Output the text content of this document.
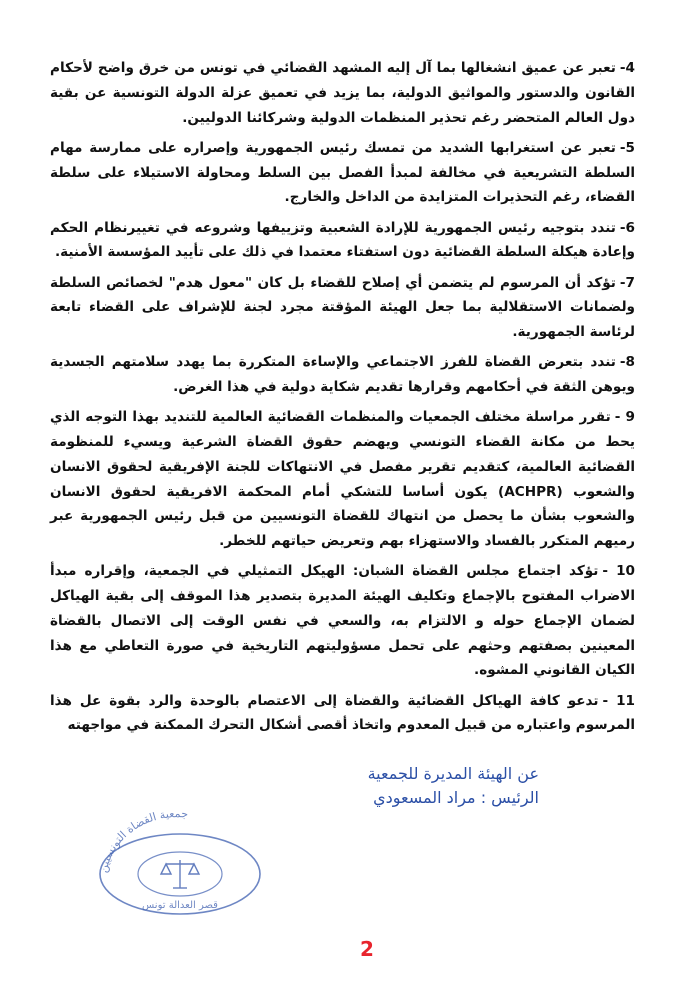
4-تعبر عن عميق انشغالها بما آل إليه المشهد القضائي في تونس من خرق واضح لأحكام القانون والدستور والمواثيق الدولية، بما يزيد في تعميق عزلة الدولة التونسية عن بقية دول العالم المتحضر رغم تحذير المنظمات الدولية وشركائنا الدوليين.

5-تعبر عن استغرابها الشديد من تمسك رئيس الجمهورية وإصراره على ممارسة مهام السلطة التشريعية في مخالفة لمبدأ الفصل بين السلط ومحاولة الاستيلاء على سلطة القضاء، رغم التحذيرات المتزايدة من الداخل والخارج.

6-تندد بتوجيه رئيس الجمهورية للإرادة الشعبية وتزييفها وشروعه في تغييرنظام الحكم وإعادة هيكلة السلطة القضائية دون استفتاء معتمدا في ذلك على تأييد المؤسسة الأمنية.

7-تؤكد أن المرسوم لم يتضمن أي إصلاح للقضاء بل كان "معول هدم" لخصائص السلطة ولضمانات الاستقلالية بما جعل الهيئة المؤقتة مجرد لجنة للإشراف على القضاء تابعة لرئاسة الجمهورية.

8-تندد بتعرض القضاة للفرز الاجتماعي والإساءة المتكررة بما يهدد سلامتهم الجسدية ويوهن الثقة في أحكامهم وقرارها تقديم شكاية دولية في هذا الغرض.

9 -تقرر مراسلة مختلف الجمعيات والمنظمات القضائية العالمية للتنديد بهذا التوجه الذي يحط من مكانة القضاء التونسي ويهضم حقوق القضاة الشرعية ويسيء للمنظومة القضائية العالمية، كتقديم تقرير مفصل في الانتهاكات للجنة الإفريقية لحقوق الانسان والشعوب (ACHPR) يكون أساسا للتشكي أمام المحكمة الافريقية لحقوق الانسان والشعوب بشأن ما يحصل من انتهاك للقضاة التونسيين من قبل رئيس الجمهورية عبر رميهم المتكرر بالفساد والاستهزاء بهم وتعريض حياتهم للخطر.

10 -تؤكد اجتماع مجلس القضاة الشبان: الهيكل التمثيلي في الجمعية، وإقراره مبدأ الاضراب المفتوح بالإجماع وتكليف الهيئة المديرة بتصدير هذا الموقف إلى بقية الهياكل لضمان الإجماع حوله و الالتزام به، والسعي في نفس الوقت إلى الاتصال بالقضاة المعينين بصفتهم وحثهم على تحمل مسؤوليتهم التاريخية في صورة التعاطي مع هذا الكيان القانوني المشوه.

11 -تدعو كافة الهياكل القضائية والقضاة إلى الاعتصام بالوحدة والرد بقوة عل هذا المرسوم واعتباره من قبيل المعدوم واتخاذ أقصى أشكال التحرك الممكنة في مواجهته

عن الهيئة المديرة للجمعية
الرئيس : مراد المسعودي
جمعية القضاة التونسيين
قصر العدالة تونس
2
